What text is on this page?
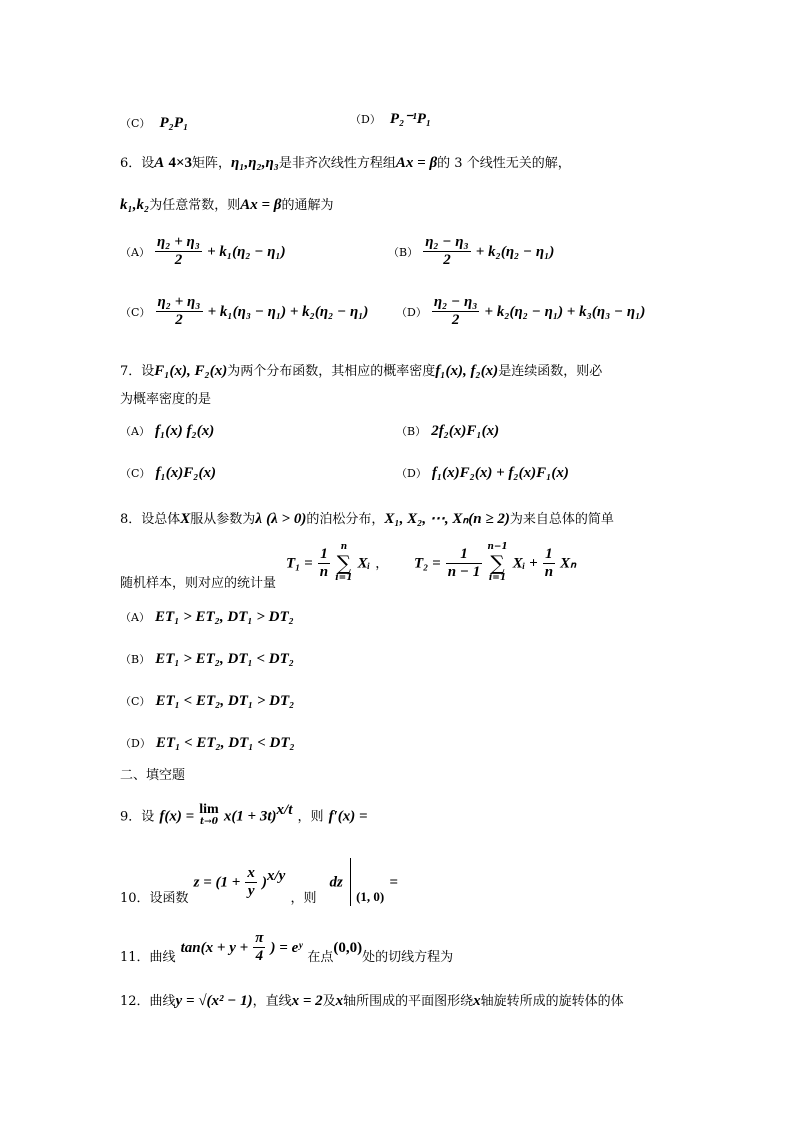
（C） P₂P₁	（D） P₂⁻¹P₁
6．设A 4×3矩阵，η₁,η₂,η₃是非齐次线性方程组Ax = β的 3 个线性无关的解，
k₁,k₂为任意常数，则Ax = β的通解为
$(A) \frac{\text{η₂ + η₃}}{2} + k_1(\eta_2 - \eta_1)$	$(B) \frac{\text{η₂ − η₃}}{2} + k_2(\eta_2 - \eta_1)$
$(C) \frac{\text{η₂ + η₃}}{2} + k_1(\eta_3 - \eta_1) + k_2(\eta_2 - \eta_1)$	$(D) \frac{\text{η₂ − η₃}}{2} + k_2(\eta_2 - \eta_1) + k_3(\eta_3 - \eta_1)$
7．设F₁(x), F₂(x)为两个分布函数，其相应的概率密度f₁(x), f₂(x)是连续函数，则必
为概率密度的是
（A） f₁(x) f₂(x)	（B） 2f₂(x)F₁(x)
（C） f₁(x)F₂(x)	（D） f₁(x)F₂(x) + f₂(x)F₁(x)
8．设总体X服从参数为λ (λ > 0)的泊松分布，X₁, X₂, ⋯, Xₙ(n ≥ 2)为来自总体的简单
随机样本，则对应的统计量
$T_1 = \frac{1}{n}$
	n
∑
i=1
Xᵢ ， $T_2 = \frac{1}{n - 1}$
n−1
∑
i=1
Xᵢ + $\frac{1}{n}$ Xₙ
（A） ET₁ > ET₂, DT₁ > DT₂
（B） ET₁ > ET₂, DT₁ < DT₂
（C） ET₁ < ET₂, DT₁ > DT₂
（D） ET₁ < ET₂, DT₁ < DT₂
二、填空题
9．设 f(x) = lim
t→0 $x(1 + 3t)^{x/t}$ ，则 f′(x) =
10．设函数 $z = (1 + \frac{x}{y} )^{x/y}$ ，则 dz  $_{(1, 0)}$ =
11．曲线 $\tan(x + y + \frac{\pi}{4}$ ) = eʸ 在点(0,0)处的切线方程为
12．曲线y = √(x² − 1)，直线x = 2及x轴所围成的平面图形绕x轴旋转所成的旋转体的体
